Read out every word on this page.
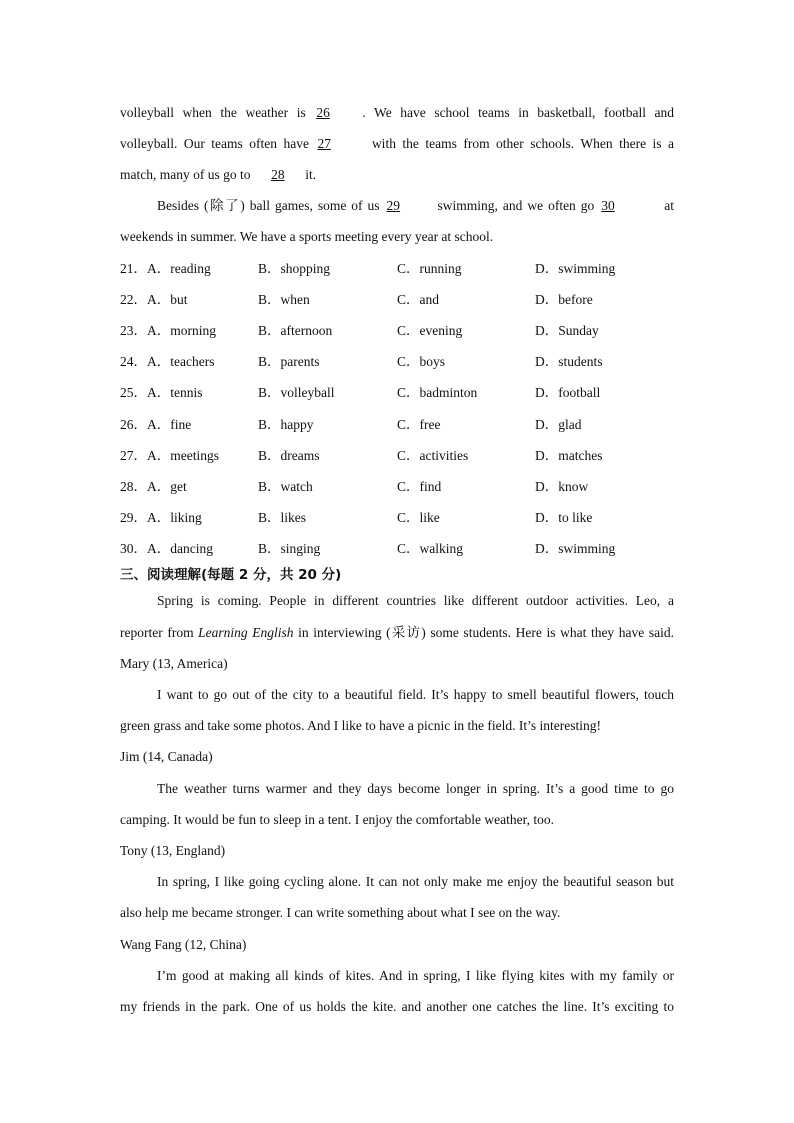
volleyball when the weather is 26 . We have school teams in basketball, football and
volleyball. Our teams often have 27	with the teams from other schools. When there is a
match, many of us go to 28 it.
Besides (除了) ball games, some of us 29	swimming, and we often go 30	at
weekends in summer. We have a sports meeting every year at school.
21．A．reading	B．shopping	C．running	D．swimming
22．A．but	B．when	C．and	D．before
23．A．morning	B．afternoon	C．evening	D．Sunday
24．A．teachers	B．parents	C．boys	D．students
25．A．tennis	B．volleyball	C．badminton	D．football
26．A．fine	B．happy	C．free	D．glad
27．A．meetings	B．dreams	C．activities	D．matches
28．A．get	B．watch	C．find	D．know
29．A．liking	B．likes	C．like	D．to like
30．A．dancing	B．singing	C．walking	D．swimming
三、阅读理解(每题 2 分，共 20 分)
Spring is coming. People in different countries like different outdoor activities. Leo, a
reporter from Learning English in interviewing (采访) some students. Here is what they have said.
Mary (13, America)
I want to go out of the city to a beautiful field. It’s happy to smell beautiful flowers, touch
green grass and take some photos. And I like to have a picnic in the field. It’s interesting!
Jim (14, Canada)
The weather turns warmer and they days become longer in spring. It’s a good time to go
camping. It would be fun to sleep in a tent. I enjoy the comfortable weather, too.
Tony (13, England)
In spring, I like going cycling alone. It can not only make me enjoy the beautiful season but
also help me became stronger. I can write something about what I see on the way.
Wang Fang (12, China)
I’m good at making all kinds of kites. And in spring, I like flying kites with my family or
my friends in the park. One of us holds the kite. and another one catches the line. It’s exciting to
